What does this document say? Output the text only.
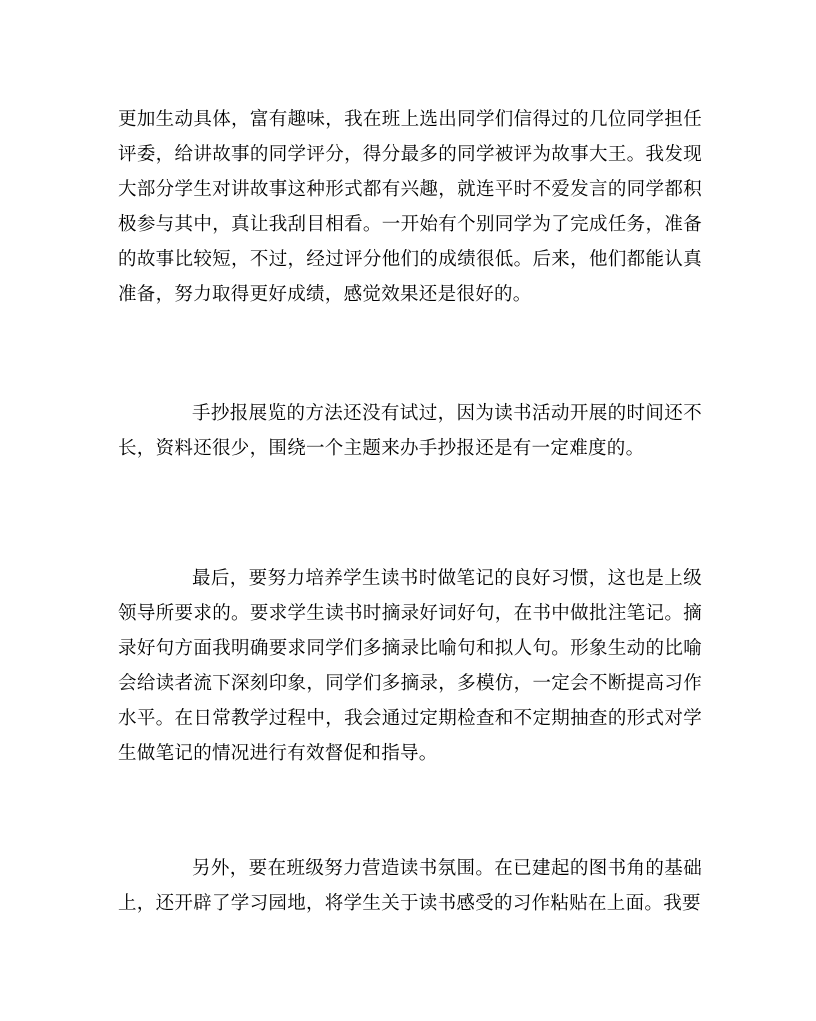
更加生动具体，富有趣味，我在班上选出同学们信得过的几位同学担任评委，给讲故事的同学评分，得分最多的同学被评为故事大王。我发现大部分学生对讲故事这种形式都有兴趣，就连平时不爱发言的同学都积极参与其中，真让我刮目相看。一开始有个别同学为了完成任务，准备的故事比较短，不过，经过评分他们的成绩很低。后来，他们都能认真准备，努力取得更好成绩，感觉效果还是很好的。

手抄报展览的方法还没有试过，因为读书活动开展的时间还不长，资料还很少，围绕一个主题来办手抄报还是有一定难度的。

最后，要努力培养学生读书时做笔记的良好习惯，这也是上级领导所要求的。要求学生读书时摘录好词好句，在书中做批注笔记。摘录好句方面我明确要求同学们多摘录比喻句和拟人句。形象生动的比喻会给读者流下深刻印象，同学们多摘录，多模仿，一定会不断提高习作水平。在日常教学过程中，我会通过定期检查和不定期抽查的形式对学生做笔记的情况进行有效督促和指导。

另外，要在班级努力营造读书氛围。在已建起的图书角的基础上，还开辟了学习园地，将学生关于读书感受的习作粘贴在上面。我要
